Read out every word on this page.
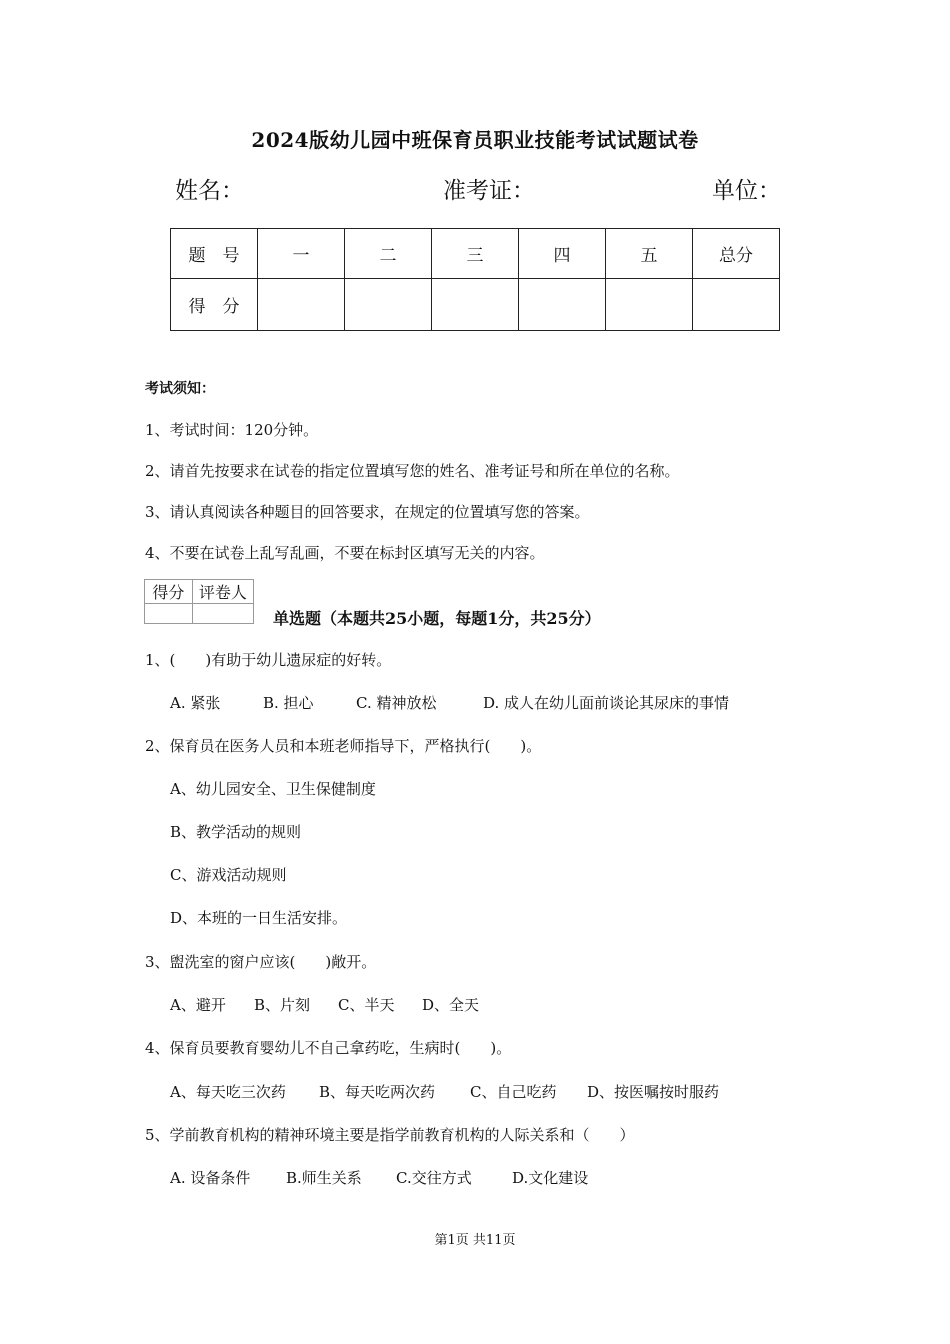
2024版幼儿园中班保育员职业技能考试试题试卷
姓名：	准考证：	单位：
题　号	一	二	三	四	五	总分
得　分						
考试须知：
1、考试时间：120分钟。
2、请首先按要求在试卷的指定位置填写您的姓名、准考证号和所在单位的名称。
3、请认真阅读各种题目的回答要求，在规定的位置填写您的答案。
4、不要在试卷上乱写乱画，不要在标封区填写无关的内容。
得分	评卷人

单选题（本题共25小题，每题1分，共25分）
1、(　　)有助于幼儿遗尿症的好转。
A. 紧张	B. 担心	C. 精神放松	D. 成人在幼儿面前谈论其尿床的事情
2、保育员在医务人员和本班老师指导下，严格执行(　　)。
A、幼儿园安全、卫生保健制度
B、教学活动的规则
C、游戏活动规则
D、本班的一日生活安排。
3、盥洗室的窗户应该(　　)敞开。
A、避开 B、片刻 C、半天 D、全天
4、保育员要教育婴幼儿不自己拿药吃，生病时(　　)。
A、每天吃三次药 B、每天吃两次药 C、自己吃药 D、按医嘱按时服药
5、学前教育机构的精神环境主要是指学前教育机构的人际关系和（　　）
A. 设备条件 B.师生关系 C.交往方式	D.文化建设
第1页 共11页
